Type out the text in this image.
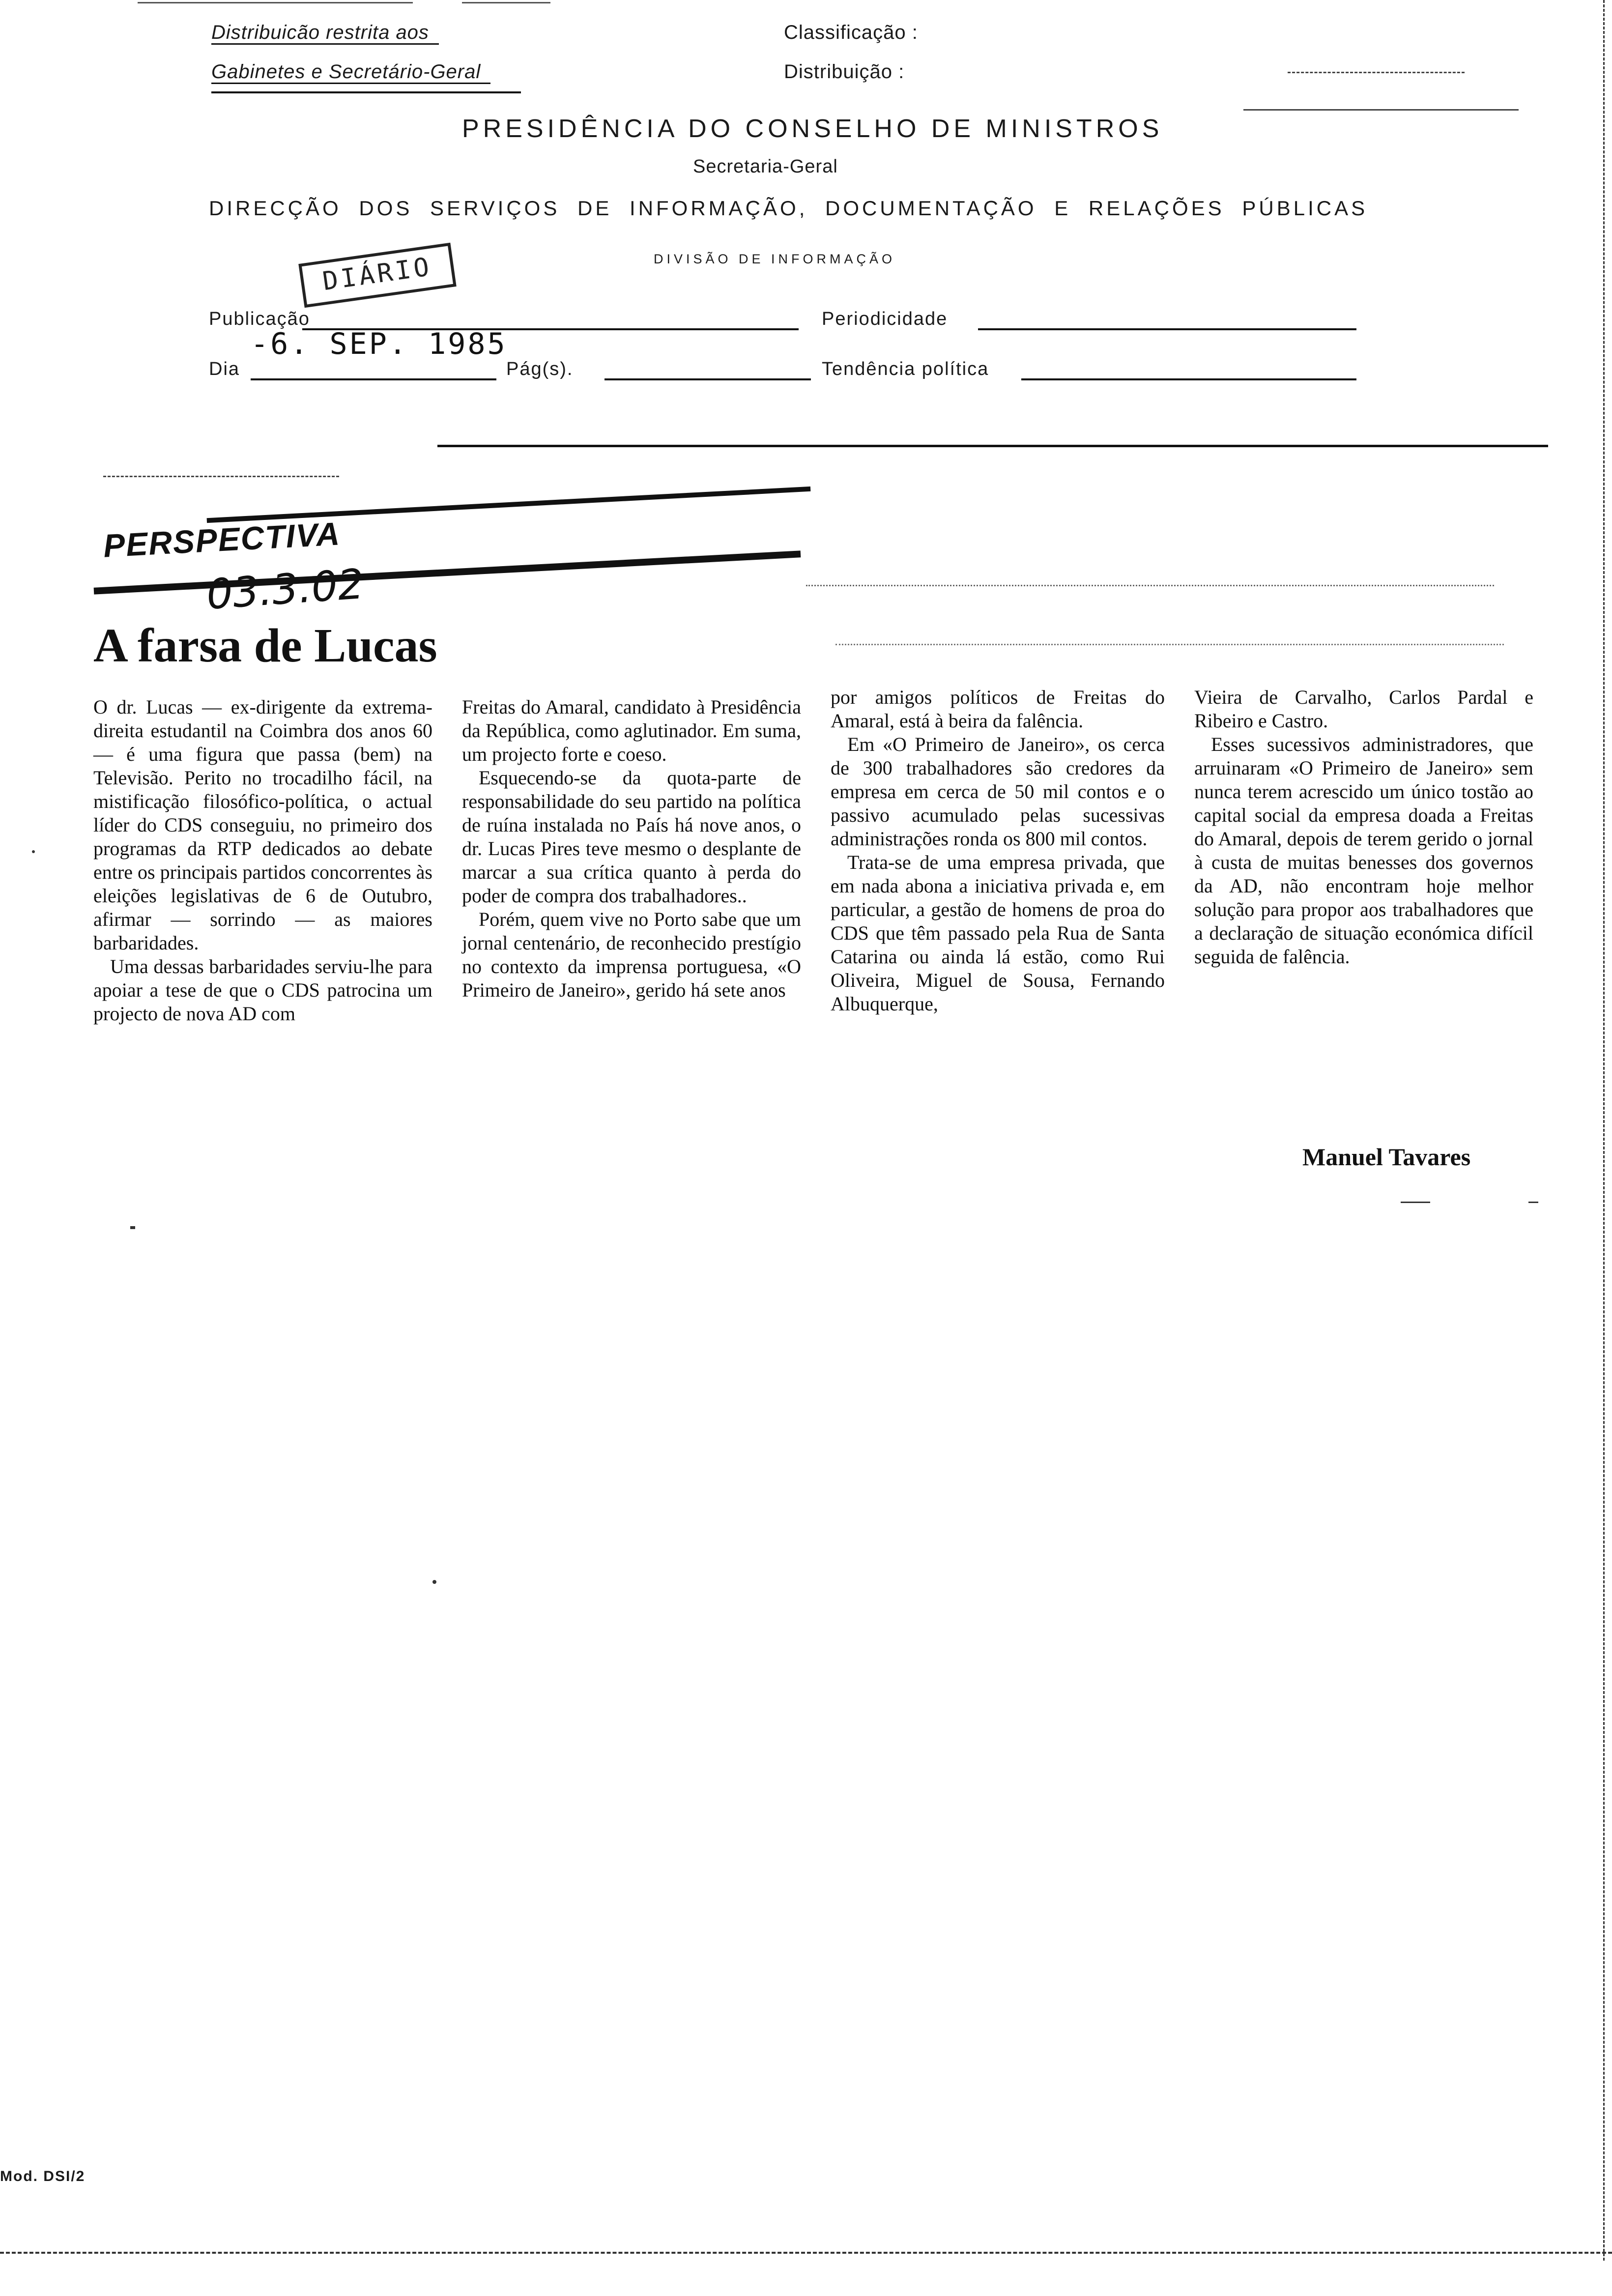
Distribuicão restrita aos
Gabinetes e Secretário-Geral
Classificação :
Distribuição :
PRESIDÊNCIA DO CONSELHO DE MINISTROS
Secretaria-Geral
DIRECÇÃO DOS SERVIÇOS DE INFORMAÇÃO, DOCUMENTAÇÃO E RELAÇÕES PÚBLICAS
DIVISÃO DE INFORMAÇÃO
DIÁRIO
Publicação	Periodicidade
-6. SEP. 1985
Dia	Pág(s).	Tendência política
PERSPECTIVA
03.3.02
A farsa de Lucas

O dr. Lucas — ex-dirigente da extrema-direita estudantil na Coimbra dos anos 60 — é uma figura que passa (bem) na Televisão. Perito no trocadilho fácil, na mistificação filosófico-política, o actual líder do CDS conseguiu, no primeiro dos programas da RTP dedicados ao debate entre os principais partidos concorrentes às eleições legislativas de 6 de Outubro, afirmar — sorrindo — as maiores barbaridades.

Uma dessas barbaridades serviu-lhe para apoiar a tese de que o CDS patrocina um projecto de nova AD com

Freitas do Amaral, candidato à Presidência da República, como aglutinador. Em suma, um projecto forte e coeso.

Esquecendo-se da quota-parte de responsabilidade do seu partido na política de ruína instalada no País há nove anos, o dr. Lucas Pires teve mesmo o desplante de marcar a sua crítica quanto à perda do poder de compra dos trabalhadores..

Porém, quem vive no Porto sabe que um jornal centenário, de reconhecido prestígio no contexto da imprensa portuguesa, «O Primeiro de Janeiro», gerido há sete anos

por amigos políticos de Freitas do Amaral, está à beira da falência.

Em «O Primeiro de Janeiro», os cerca de 300 trabalhadores são credores da empresa em cerca de 50 mil contos e o passivo acumulado pelas sucessivas administrações ronda os 800 mil contos.

Trata-se de uma empresa privada, que em nada abona a iniciativa privada e, em particular, a gestão de homens de proa do CDS que têm passado pela Rua de Santa Catarina ou ainda lá estão, como Rui Oliveira, Miguel de Sousa, Fernando Albuquerque,

Vieira de Carvalho, Carlos Pardal e Ribeiro e Castro.

Esses sucessivos administradores, que arruinaram «O Primeiro de Janeiro» sem nunca terem acrescido um único tostão ao capital social da empresa doada a Freitas do Amaral, depois de terem gerido o jornal à custa de muitas benesses dos governos da AD, não encontram hoje melhor solução para propor aos trabalhadores que a declaração de situação económica difícil seguida de falência.

Manuel Tavares
Mod. DSI/2
